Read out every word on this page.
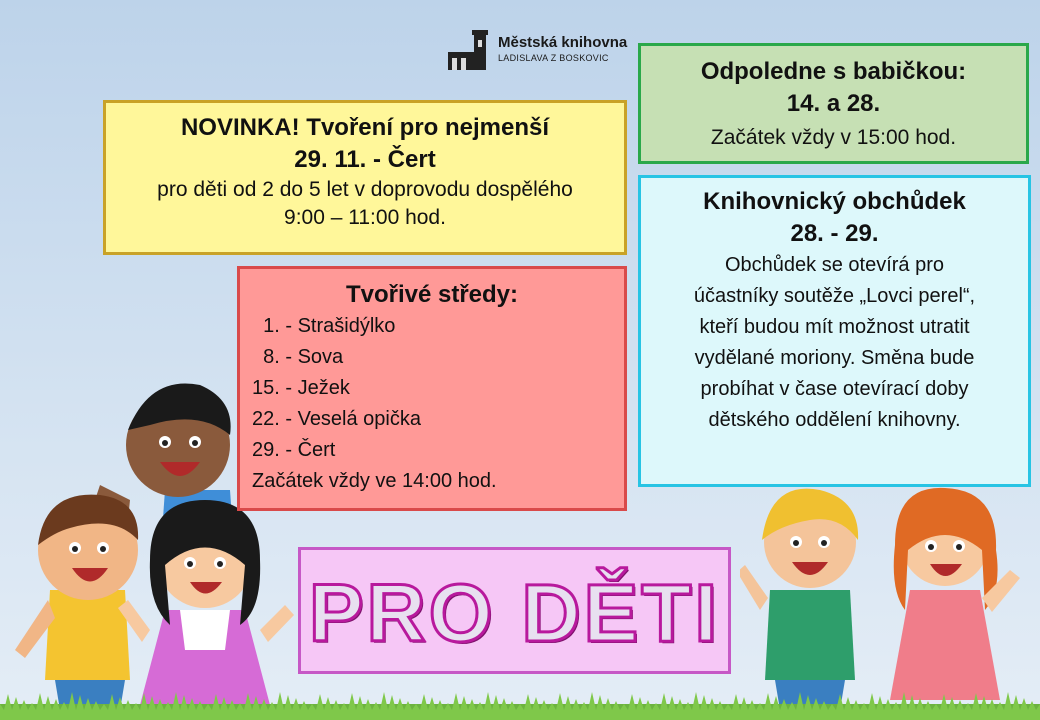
Městská knihovna
LADISLAVA Z BOSKOVIC
NOVINKA! Tvoření pro nejmenší
29. 11. - Čert
pro děti od 2 do 5 let v doprovodu dospělého
9:00 – 11:00 hod.
Odpoledne s babičkou:
14. a 28.
Začátek vždy v 15:00 hod.
Knihovnický obchůdek
28. - 29.
Obchůdek se otevírá pro
účastníky soutěže „Lovci perel“,
kteří budou mít možnost utratit
vydělané moriony. Směna bude
probíhat v čase otevírací doby
dětského oddělení knihovny.
Tvořivé středy:
1. - Strašidýlko
8. - Sova
15. - Ježek
22. - Veselá opička
29. - Čert
Začátek vždy ve 14:00 hod.
PRO DĚTI
